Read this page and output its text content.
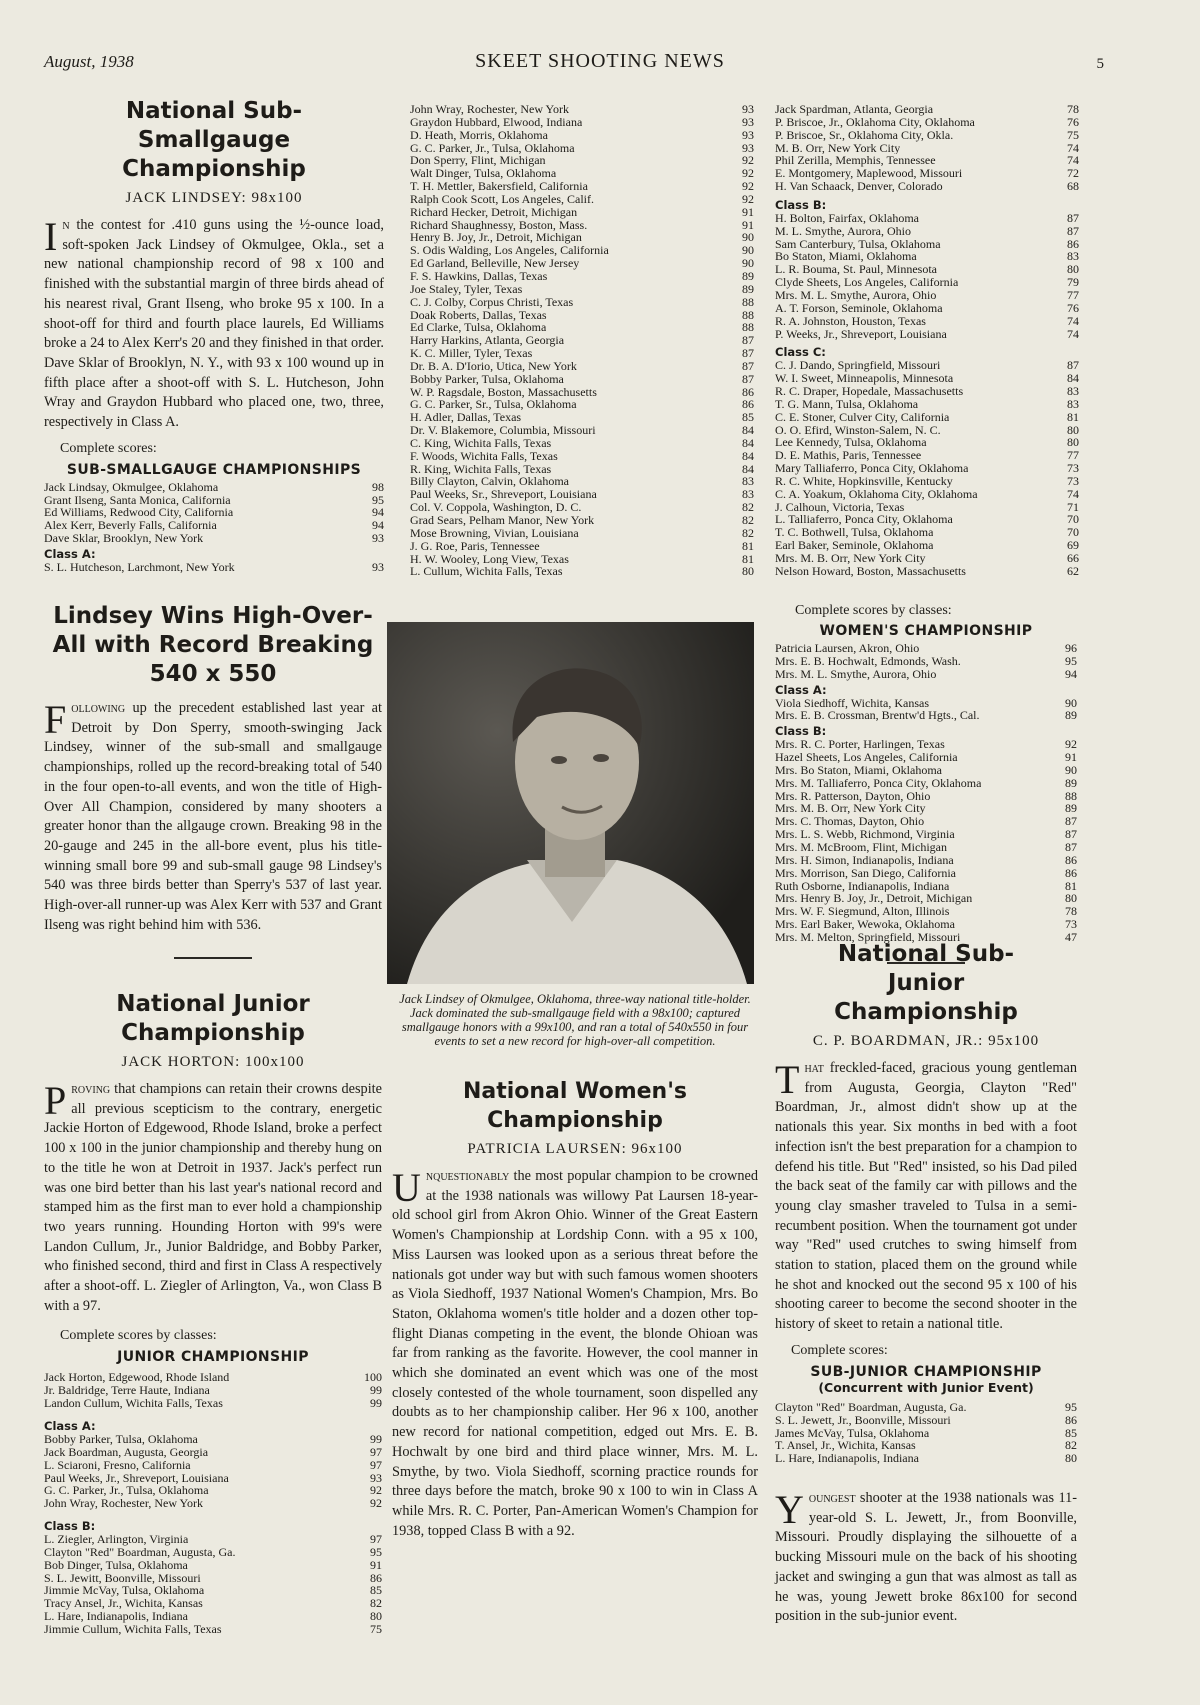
August, 1938	SKEET SHOOTING NEWS	5
National Sub-Smallgauge Championship
JACK LINDSEY: 98x100

In the contest for .410 guns using the ½-ounce load, soft-spoken Jack Lindsey of Okmulgee, Okla., set a new national championship record of 98 x 100 and finished with the substantial margin of three birds ahead of his nearest rival, Grant Ilseng, who broke 95 x 100. In a shoot-off for third and fourth place laurels, Ed Williams broke a 24 to Alex Kerr's 20 and they finished in that order. Dave Sklar of Brooklyn, N. Y., with 93 x 100 wound up in fifth place after a shoot-off with S. L. Hutcheson, John Wray and Graydon Hubbard who placed one, two, three, respectively in Class A.

Complete scores:
SUB-SMALLGAUGE CHAMPIONSHIPS
Jack Lindsay, Okmulgee, Oklahoma	98
Grant Ilseng, Santa Monica, California	95
Ed Williams, Redwood City, California	94
Alex Kerr, Beverly Falls, California	94
Dave Sklar, Brooklyn, New York	93
Class A:
S. L. Hutcheson, Larchmont, New York	93
John Wray, Rochester, New York	93
Graydon Hubbard, Elwood, Indiana	93
D. Heath, Morris, Oklahoma	93
G. C. Parker, Jr., Tulsa, Oklahoma	93
Don Sperry, Flint, Michigan	92
Walt Dinger, Tulsa, Oklahoma	92
T. H. Mettler, Bakersfield, California	92
Ralph Cook Scott, Los Angeles, Calif.	92
Richard Hecker, Detroit, Michigan	91
Richard Shaughnessy, Boston, Mass.	91
Henry B. Joy, Jr., Detroit, Michigan	90
S. Odis Walding, Los Angeles, California	90
Ed Garland, Belleville, New Jersey	90
F. S. Hawkins, Dallas, Texas	89
Joe Staley, Tyler, Texas	89
C. J. Colby, Corpus Christi, Texas	88
Doak Roberts, Dallas, Texas	88
Ed Clarke, Tulsa, Oklahoma	88
Harry Harkins, Atlanta, Georgia	87
K. C. Miller, Tyler, Texas	87
Dr. B. A. D'Iorio, Utica, New York	87
Bobby Parker, Tulsa, Oklahoma	87
W. P. Ragsdale, Boston, Massachusetts	86
G. C. Parker, Sr., Tulsa, Oklahoma	86
H. Adler, Dallas, Texas	85
Dr. V. Blakemore, Columbia, Missouri	84
C. King, Wichita Falls, Texas	84
F. Woods, Wichita Falls, Texas	84
R. King, Wichita Falls, Texas	84
Billy Clayton, Calvin, Oklahoma	83
Paul Weeks, Sr., Shreveport, Louisiana	83
Col. V. Coppola, Washington, D. C.	82
Grad Sears, Pelham Manor, New York	82
Mose Browning, Vivian, Louisiana	82
J. G. Roe, Paris, Tennessee	81
H. W. Wooley, Long View, Texas	81
L. Cullum, Wichita Falls, Texas	80
Jack Spardman, Atlanta, Georgia	78
P. Briscoe, Jr., Oklahoma City, Oklahoma	76
P. Briscoe, Sr., Oklahoma City, Okla.	75
M. B. Orr, New York City	74
Phil Zerilla, Memphis, Tennessee	74
E. Montgomery, Maplewood, Missouri	72
H. Van Schaack, Denver, Colorado	68
Class B:
H. Bolton, Fairfax, Oklahoma	87
M. L. Smythe, Aurora, Ohio	87
Sam Canterbury, Tulsa, Oklahoma	86
Bo Staton, Miami, Oklahoma	83
L. R. Bouma, St. Paul, Minnesota	80
Clyde Sheets, Los Angeles, California	79
Mrs. M. L. Smythe, Aurora, Ohio	77
A. T. Forson, Seminole, Oklahoma	76
R. A. Johnston, Houston, Texas	74
P. Weeks, Jr., Shreveport, Louisiana	74
Class C:
C. J. Dando, Springfield, Missouri	87
W. I. Sweet, Minneapolis, Minnesota	84
R. C. Draper, Hopedale, Massachusetts	83
T. G. Mann, Tulsa, Oklahoma	83
C. E. Stoner, Culver City, California	81
O. O. Efird, Winston-Salem, N. C.	80
Lee Kennedy, Tulsa, Oklahoma	80
D. E. Mathis, Paris, Tennessee	77
Mary Talliaferro, Ponca City, Oklahoma	73
R. C. White, Hopkinsville, Kentucky	73
C. A. Yoakum, Oklahoma City, Oklahoma	74
J. Calhoun, Victoria, Texas	71
L. Talliaferro, Ponca City, Oklahoma	70
T. C. Bothwell, Tulsa, Oklahoma	70
Earl Baker, Seminole, Oklahoma	69
Mrs. M. B. Orr, New York City	66
Nelson Howard, Boston, Massachusetts	62
Lindsey Wins High-Over-All with Record Breaking 540 x 550

Following up the precedent established last year at Detroit by Don Sperry, smooth-swinging Jack Lindsey, winner of the sub-small and smallgauge championships, rolled up the record-breaking total of 540 in the four open-to-all events, and won the title of High-Over All Champion, considered by many shooters a greater honor than the allgauge crown. Breaking 98 in the 20-gauge and 245 in the all-bore event, plus his title-winning small bore 99 and sub-small gauge 98 Lindsey's 540 was three birds better than Sperry's 537 of last year. High-over-all runner-up was Alex Kerr with 537 and Grant Ilseng was right behind him with 536.

National Junior Championship
JACK HORTON: 100x100

Proving that champions can retain their crowns despite all previous scepticism to the contrary, energetic Jackie Horton of Edgewood, Rhode Island, broke a perfect 100 x 100 in the junior championship and thereby hung on to the title he won at Detroit in 1937. Jack's perfect run was one bird better than his last year's national record and stamped him as the first man to ever hold a championship two years running. Hounding Horton with 99's were Landon Cullum, Jr., Junior Baldridge, and Bobby Parker, who finished second, third and first in Class A respectively after a shoot-off. L. Ziegler of Arlington, Va., won Class B with a 97.

Complete scores by classes:
JUNIOR CHAMPIONSHIP
Jack Horton, Edgewood, Rhode Island	100
Jr. Baldridge, Terre Haute, Indiana	99
Landon Cullum, Wichita Falls, Texas	99
Class A:
Bobby Parker, Tulsa, Oklahoma	99
Jack Boardman, Augusta, Georgia	97
L. Sciaroni, Fresno, California	97
Paul Weeks, Jr., Shreveport, Louisiana	93
G. C. Parker, Jr., Tulsa, Oklahoma	92
John Wray, Rochester, New York	92
Class B:
L. Ziegler, Arlington, Virginia	97
Clayton "Red" Boardman, Augusta, Ga.	95
Bob Dinger, Tulsa, Oklahoma	91
S. L. Jewitt, Boonville, Missouri	86
Jimmie McVay, Tulsa, Oklahoma	85
Tracy Ansel, Jr., Wichita, Kansas	82
L. Hare, Indianapolis, Indiana	80
Jimmie Cullum, Wichita Falls, Texas	75
Jack Lindsey of Okmulgee, Oklahoma, three-way national title-holder. Jack dominated the sub-smallgauge field with a 98x100; captured smallgauge honors with a 99x100, and ran a total of 540x550 in four events to set a new record for high-over-all competition.
National Women's Championship
PATRICIA LAURSEN: 96x100

Unquestionably the most popular champion to be crowned at the 1938 nationals was willowy Pat Laursen 18-year-old school girl from Akron Ohio. Winner of the Great Eastern Women's Championship at Lordship Conn. with a 95 x 100, Miss Laursen was looked upon as a serious threat before the nationals got under way but with such famous women shooters as Viola Siedhoff, 1937 National Women's Champion, Mrs. Bo Staton, Oklahoma women's title holder and a dozen other top-flight Dianas competing in the event, the blonde Ohioan was far from ranking as the favorite. However, the cool manner in which she dominated an event which was one of the most closely contested of the whole tournament, soon dispelled any doubts as to her championship caliber. Her 96 x 100, another new record for national competition, edged out Mrs. E. B. Hochwalt by one bird and third place winner, Mrs. M. L. Smythe, by two. Viola Siedhoff, scorning practice rounds for three days before the match, broke 90 x 100 to win in Class A while Mrs. R. C. Porter, Pan-American Women's Champion for 1938, topped Class B with a 92.

Complete scores by classes:
WOMEN'S CHAMPIONSHIP
Patricia Laursen, Akron, Ohio	96
Mrs. E. B. Hochwalt, Edmonds, Wash.	95
Mrs. M. L. Smythe, Aurora, Ohio	94
Class A:
Viola Siedhoff, Wichita, Kansas	90
Mrs. E. B. Crossman, Brentw'd Hgts., Cal.	89
Class B:
Mrs. R. C. Porter, Harlingen, Texas	92
Hazel Sheets, Los Angeles, California	91
Mrs. Bo Staton, Miami, Oklahoma	90
Mrs. M. Talliaferro, Ponca City, Oklahoma	89
Mrs. R. Patterson, Dayton, Ohio	88
Mrs. M. B. Orr, New York City	89
Mrs. C. Thomas, Dayton, Ohio	87
Mrs. L. S. Webb, Richmond, Virginia	87
Mrs. M. McBroom, Flint, Michigan	87
Mrs. H. Simon, Indianapolis, Indiana	86
Mrs. Morrison, San Diego, California	86
Ruth Osborne, Indianapolis, Indiana	81
Mrs. Henry B. Joy, Jr., Detroit, Michigan	80
Mrs. W. F. Siegmund, Alton, Illinois	78
Mrs. Earl Baker, Wewoka, Oklahoma	73
Mrs. M. Melton, Springfield, Missouri	47
National Sub-Junior Championship
C. P. BOARDMAN, JR.: 95x100

That freckled-faced, gracious young gentleman from Augusta, Georgia, Clayton "Red" Boardman, Jr., almost didn't show up at the nationals this year. Six months in bed with a foot infection isn't the best preparation for a champion to defend his title. But "Red" insisted, so his Dad piled the back seat of the family car with pillows and the young clay smasher traveled to Tulsa in a semi-recumbent position. When the tournament got under way "Red" used crutches to swing himself from station to station, placed them on the ground while he shot and knocked out the second 95 x 100 of his shooting career to become the second shooter in the history of skeet to retain a national title.

Complete scores:
SUB-JUNIOR CHAMPIONSHIP
(Concurrent with Junior Event)
Clayton "Red" Boardman, Augusta, Ga.	95
S. L. Jewett, Jr., Boonville, Missouri	86
James McVay, Tulsa, Oklahoma	85
T. Ansel, Jr., Wichita, Kansas	82
L. Hare, Indianapolis, Indiana	80

Youngest shooter at the 1938 nationals was 11-year-old S. L. Jewett, Jr., from Boonville, Missouri. Proudly displaying the silhouette of a bucking Missouri mule on the back of his shooting jacket and swinging a gun that was almost as tall as he was, young Jewett broke 86x100 for second position in the sub-junior event.
